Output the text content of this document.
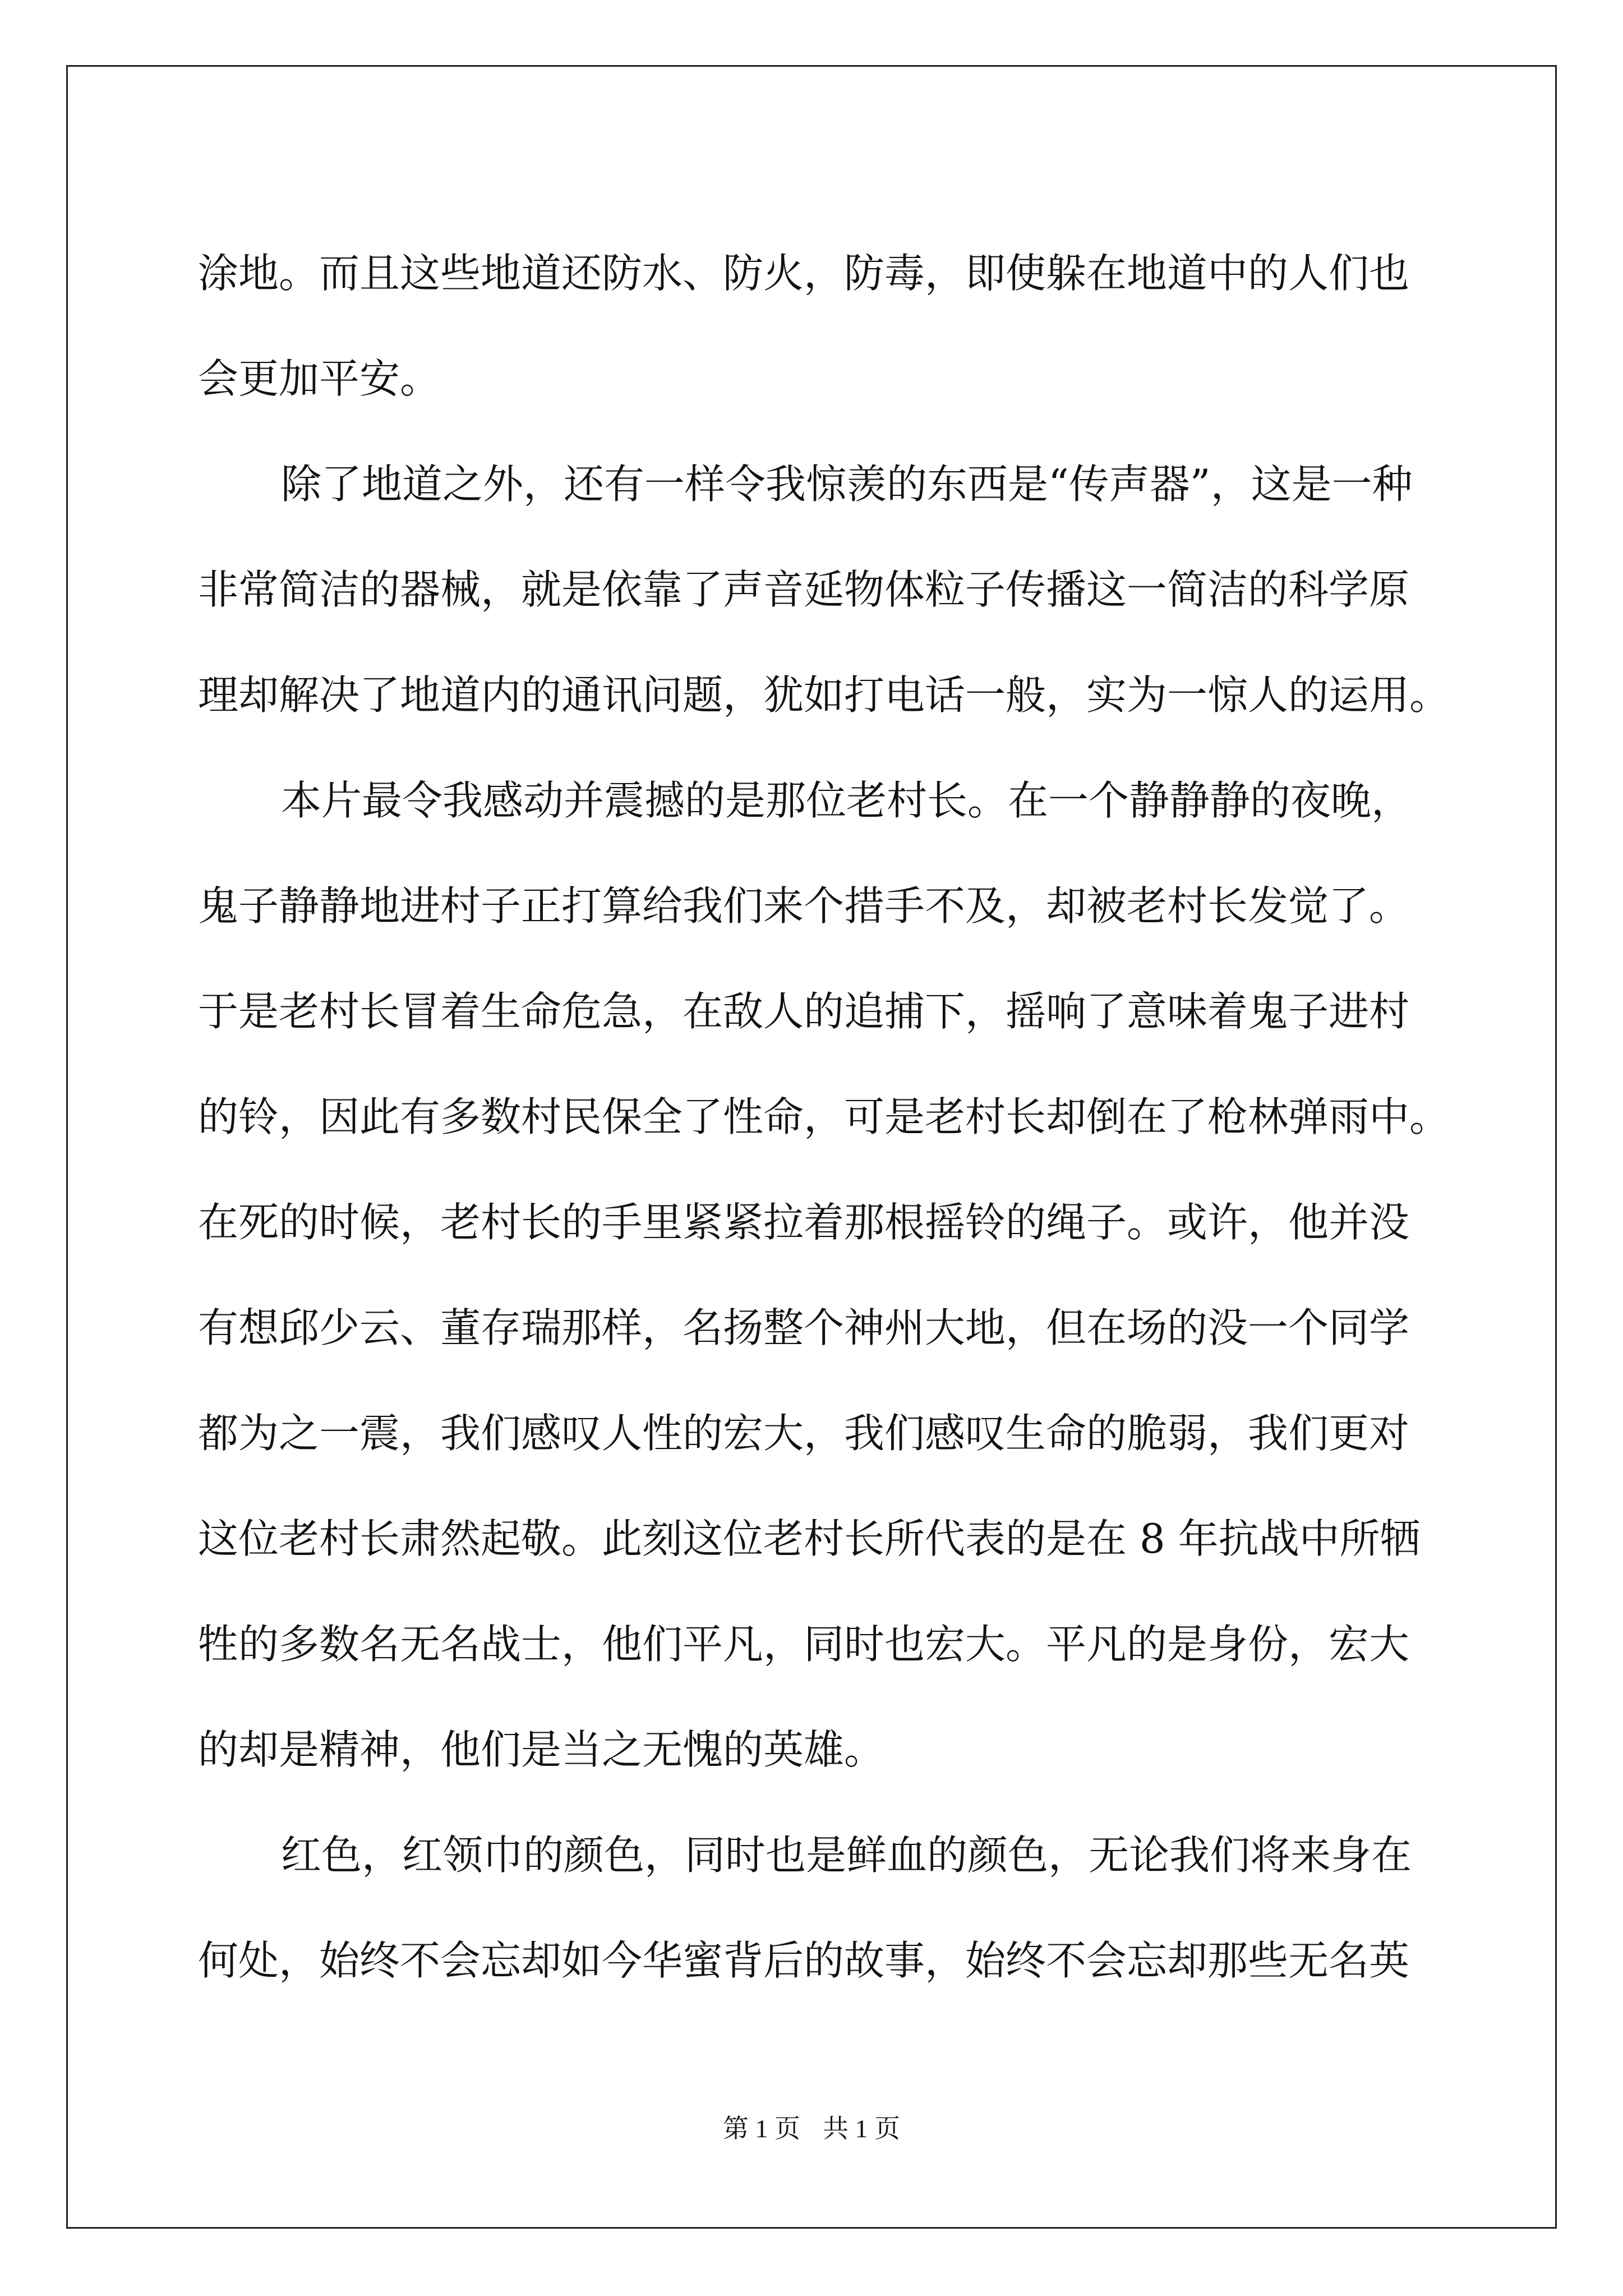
涂地。而且这些地道还防水、防火，防毒，即使躲在地道中的人们也
会更加平安。
除了地道之外，还有一样令我惊羡的东西是“传声器”，这是一种
非常简洁的器械，就是依靠了声音延物体粒子传播这一简洁的科学原
理却解决了地道内的通讯问题，犹如打电话一般，实为一惊人的运用。
本片最令我感动并震撼的是那位老村长。在一个静静静的夜晚，
鬼子静静地进村子正打算给我们来个措手不及，却被老村长发觉了。
于是老村长冒着生命危急，在敌人的追捕下，摇响了意味着鬼子进村
的铃，因此有多数村民保全了性命，可是老村长却倒在了枪林弹雨中。
在死的时候，老村长的手里紧紧拉着那根摇铃的绳子。或许，他并没
有想邱少云、董存瑞那样，名扬整个神州大地，但在场的没一个同学
都为之一震，我们感叹人性的宏大，我们感叹生命的脆弱，我们更对
这位老村长肃然起敬。此刻这位老村长所代表的是在 8 年抗战中所牺
牲的多数名无名战士，他们平凡，同时也宏大。平凡的是身份，宏大
的却是精神，他们是当之无愧的英雄。
红色，红领巾的颜色，同时也是鲜血的颜色，无论我们将来身在
何处，始终不会忘却如今华蜜背后的故事，始终不会忘却那些无名英
第 1 页 共 1 页
